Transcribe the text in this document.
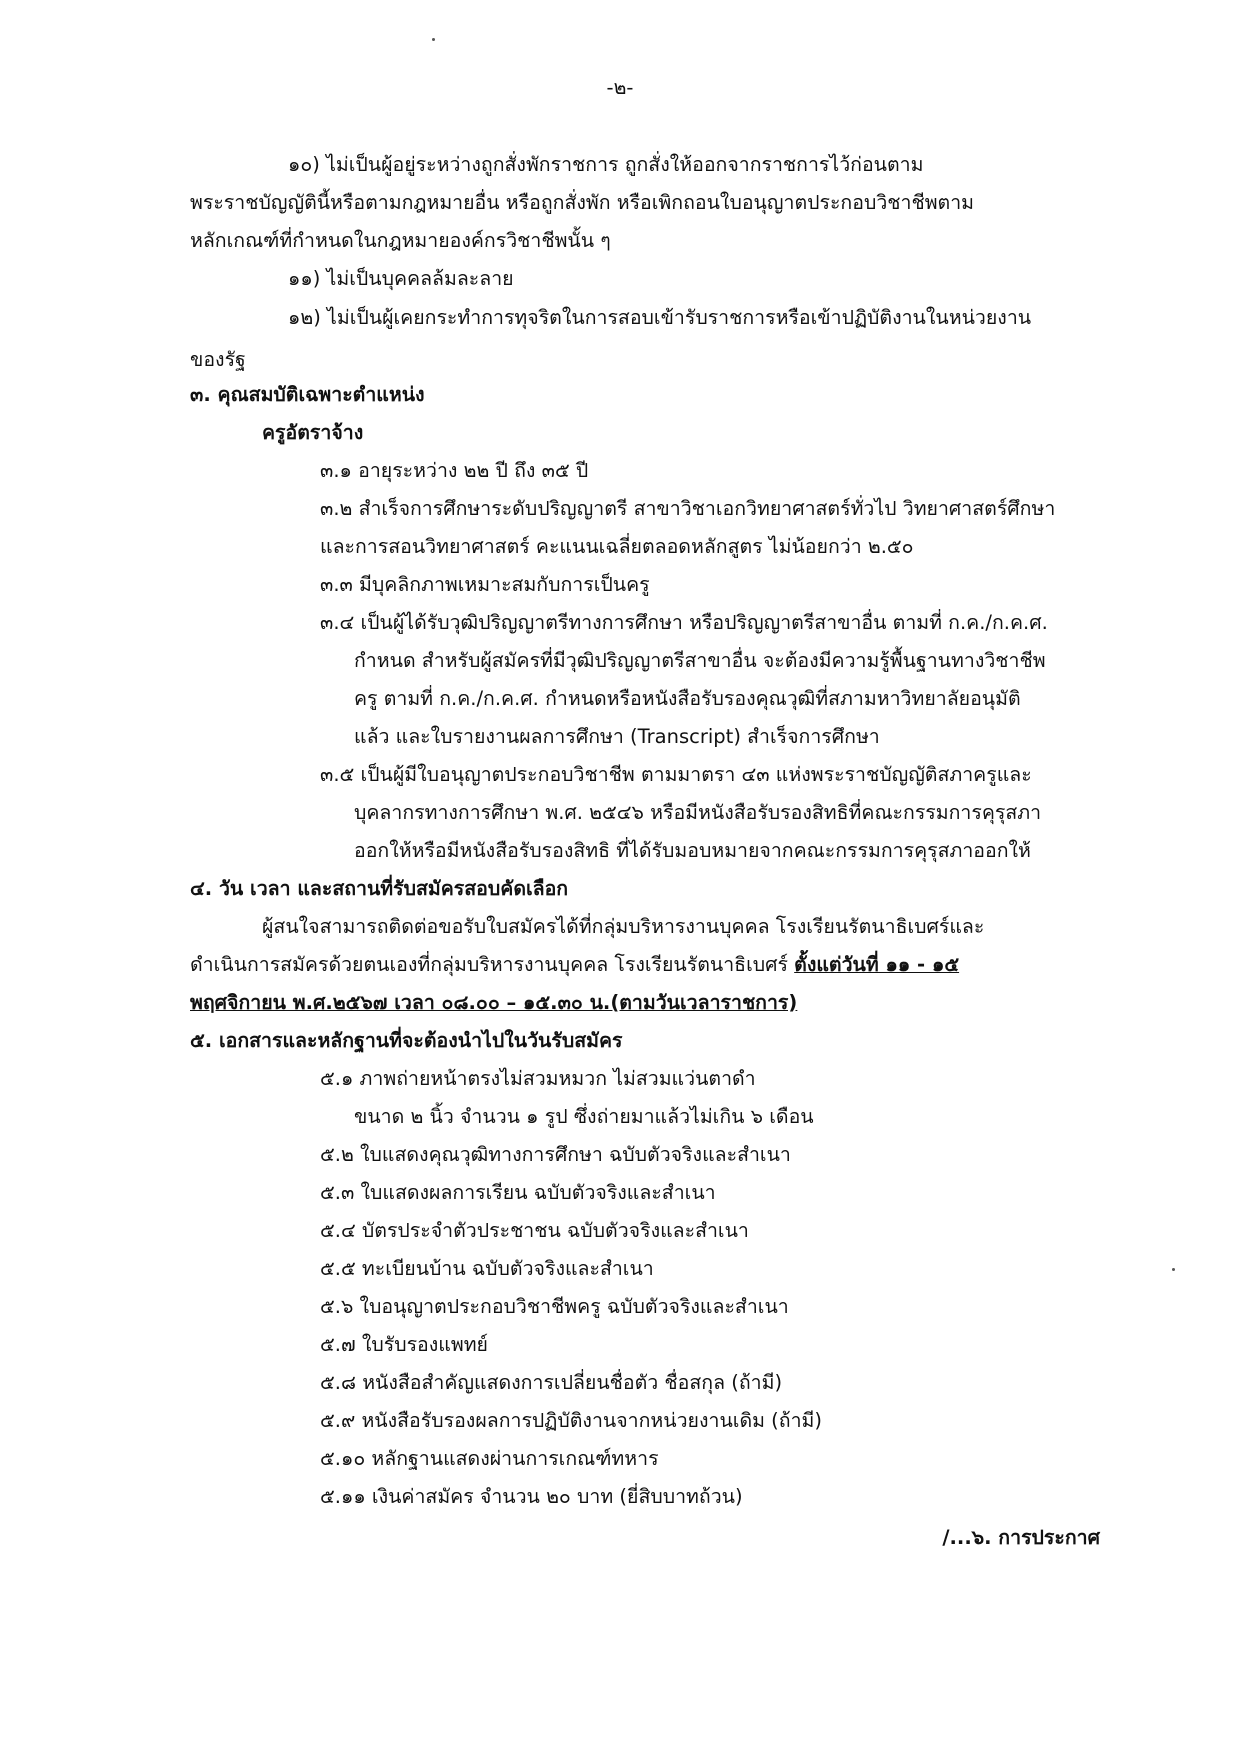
-๒-
๑๐) ไม่เป็นผู้อยู่ระหว่างถูกสั่งพักราชการ ถูกสั่งให้ออกจากราชการไว้ก่อนตาม
พระราชบัญญัตินี้หรือตามกฎหมายอื่น หรือถูกสั่งพัก หรือเพิกถอนใบอนุญาตประกอบวิชาชีพตาม
หลักเกณฑ์ที่กำหนดในกฎหมายองค์กรวิชาชีพนั้น ๆ
๑๑) ไม่เป็นบุคคลล้มละลาย
๑๒) ไม่เป็นผู้เคยกระทำการทุจริตในการสอบเข้ารับราชการหรือเข้าปฏิบัติงานในหน่วยงาน
ของรัฐ
๓. คุณสมบัติเฉพาะตำแหน่ง
ครูอัตราจ้าง
๓.๑ อายุระหว่าง ๒๒ ปี ถึง ๓๕ ปี
๓.๒ สำเร็จการศึกษาระดับปริญญาตรี สาขาวิชาเอกวิทยาศาสตร์ทั่วไป วิทยาศาสตร์ศึกษา
และการสอนวิทยาศาสตร์ คะแนนเฉลี่ยตลอดหลักสูตร ไม่น้อยกว่า ๒.๕๐
๓.๓ มีบุคลิกภาพเหมาะสมกับการเป็นครู
๓.๔ เป็นผู้ได้รับวุฒิปริญญาตรีทางการศึกษา หรือปริญญาตรีสาขาอื่น ตามที่ ก.ค./ก.ค.ศ.
กำหนด สำหรับผู้สมัครที่มีวุฒิปริญญาตรีสาขาอื่น จะต้องมีความรู้พื้นฐานทางวิชาชีพ
ครู ตามที่ ก.ค./ก.ค.ศ. กำหนดหรือหนังสือรับรองคุณวุฒิที่สภามหาวิทยาลัยอนุมัติ
แล้ว และใบรายงานผลการศึกษา (Transcript) สำเร็จการศึกษา
๓.๕ เป็นผู้มีใบอนุญาตประกอบวิชาชีพ ตามมาตรา ๔๓ แห่งพระราชบัญญัติสภาครูและ
บุคลากรทางการศึกษา พ.ศ. ๒๕๔๖ หรือมีหนังสือรับรองสิทธิที่คณะกรรมการคุรุสภา
ออกให้หรือมีหนังสือรับรองสิทธิ ที่ได้รับมอบหมายจากคณะกรรมการคุรุสภาออกให้
๔. วัน เวลา และสถานที่รับสมัครสอบคัดเลือก
ผู้สนใจสามารถติดต่อขอรับใบสมัครได้ที่กลุ่มบริหารงานบุคคล โรงเรียนรัตนาธิเบศร์และ
ดำเนินการสมัครด้วยตนเองที่กลุ่มบริหารงานบุคคล โรงเรียนรัตนาธิเบศร์ ตั้งแต่วันที่ ๑๑ - ๑๕
พฤศจิกายน พ.ศ.๒๕๖๗ เวลา ๐๘.๐๐ – ๑๕.๓๐ น.(ตามวันเวลาราชการ)
๕. เอกสารและหลักฐานที่จะต้องนำไปในวันรับสมัคร
๕.๑ ภาพถ่ายหน้าตรงไม่สวมหมวก ไม่สวมแว่นตาดำ
ขนาด ๒ นิ้ว จำนวน ๑ รูป ซึ่งถ่ายมาแล้วไม่เกิน ๖ เดือน
๕.๒ ใบแสดงคุณวุฒิทางการศึกษา ฉบับตัวจริงและสำเนา
๕.๓ ใบแสดงผลการเรียน ฉบับตัวจริงและสำเนา
๕.๔ บัตรประจำตัวประชาชน ฉบับตัวจริงและสำเนา
๕.๕ ทะเบียนบ้าน ฉบับตัวจริงและสำเนา
๕.๖ ใบอนุญาตประกอบวิชาชีพครู ฉบับตัวจริงและสำเนา
๕.๗ ใบรับรองแพทย์
๕.๘ หนังสือสำคัญแสดงการเปลี่ยนชื่อตัว ชื่อสกุล (ถ้ามี)
๕.๙ หนังสือรับรองผลการปฏิบัติงานจากหน่วยงานเดิม (ถ้ามี)
๕.๑๐ หลักฐานแสดงผ่านการเกณฑ์ทหาร
๕.๑๑ เงินค่าสมัคร จำนวน ๒๐ บาท (ยี่สิบบาทถ้วน)
/...๖. การประกาศ
